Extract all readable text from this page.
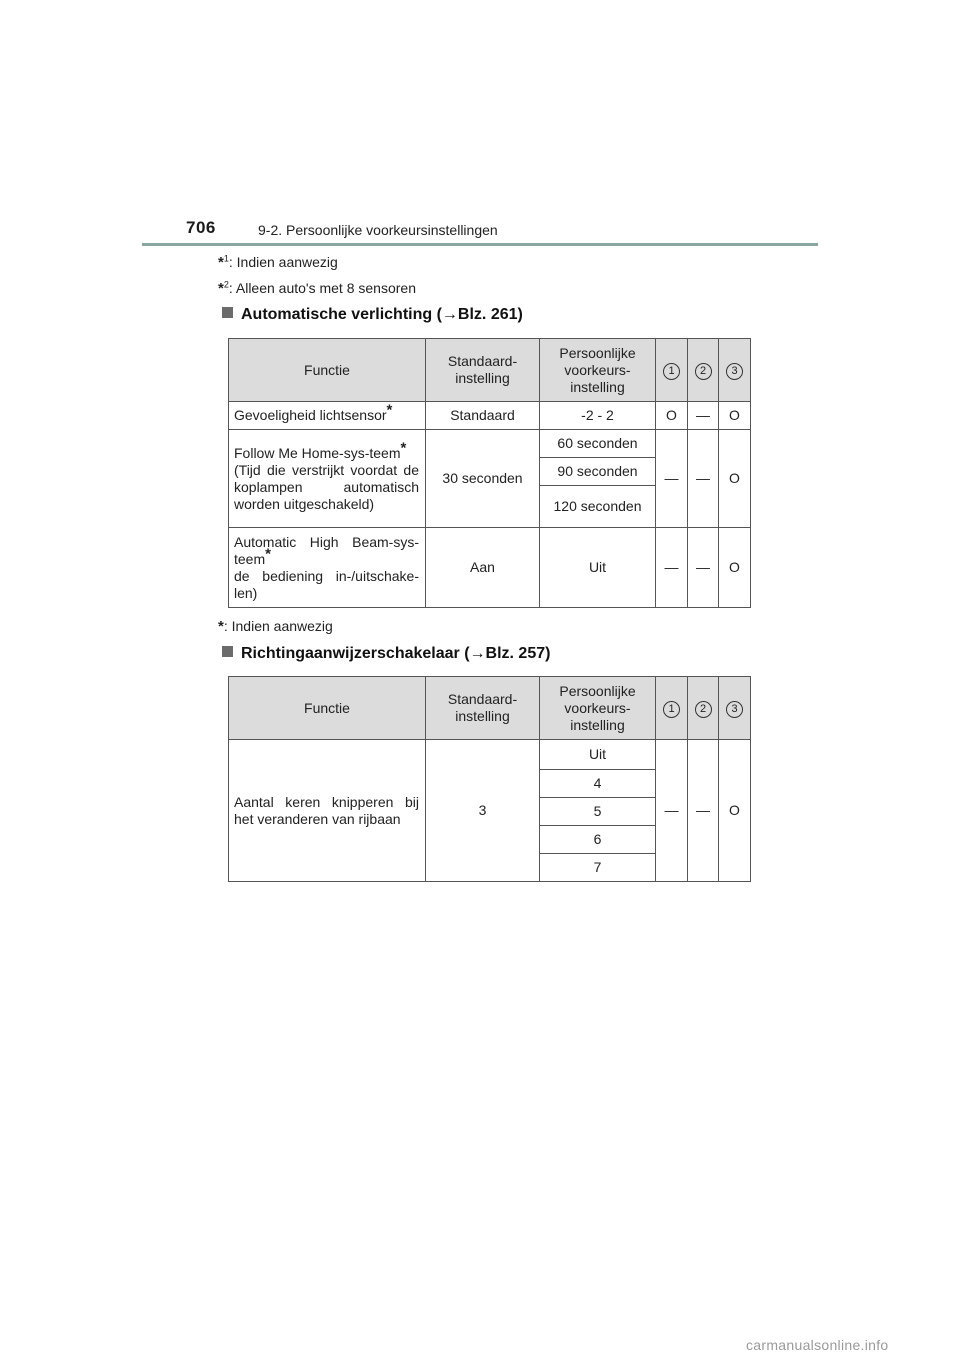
706	9-2. Persoonlijke voorkeursinstellingen
*$^1$: Indien aanwezig
*$^2$: Alleen auto's met 8 sensoren
Automatische verlichting (→Blz. 261)
Functie	Standaard-instelling	Persoonlijke voorkeurs-instelling	1	2	3
Gevoeligheid lichtsensor*	Standaard	-2 - 2	O	—	O
Follow Me Home-sys-teem*
(Tijd die verstrijkt voordat de koplampen automatisch worden uitgeschakeld)	30 seconden	60 seconden	—	—	O
		90 seconden			
		120 seconden			
Automatic High Beam-sys-teem*
de bediening in-/uitschake-len)	Aan	Uit	—	—	O
*: Indien aanwezig
Richtingaanwijzerschakelaar (→Blz. 257)
Functie	Standaard-instelling	Persoonlijke voorkeurs-instelling	1	2	3
Aantal keren knipperen bij het veranderen van rijbaan	3	Uit	—	—	O
		4			
		5			
		6			
		7			
carmanualsonline.info
